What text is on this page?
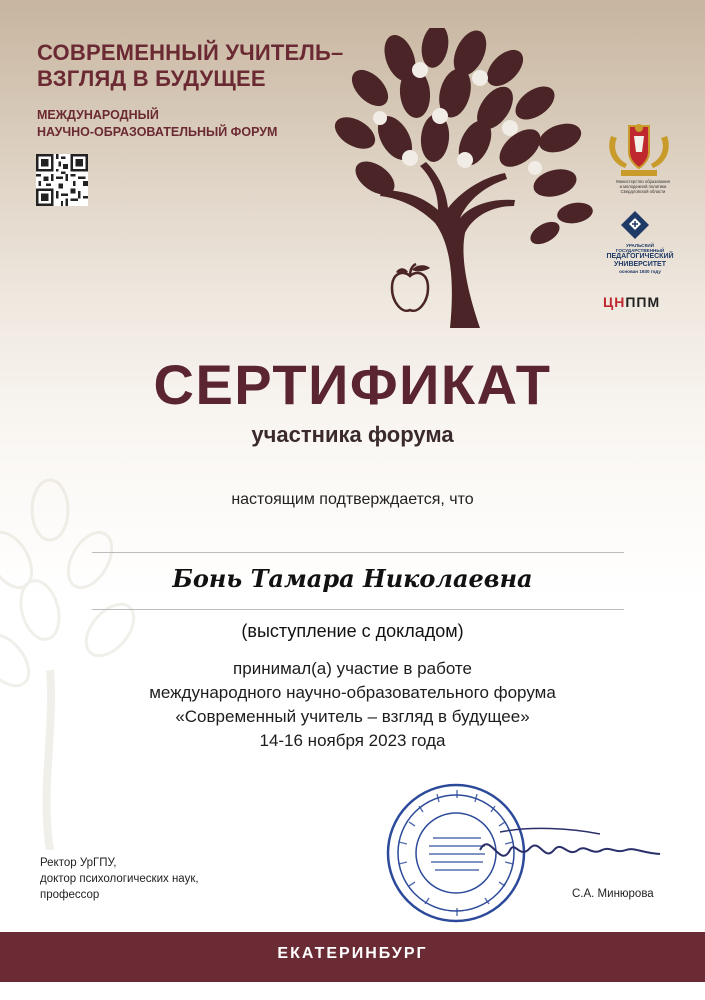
СОВРЕМЕННЫЙ УЧИТЕЛЬ–
ВЗГЛЯД В БУДУЩЕЕ
МЕЖДУНАРОДНЫЙ
НАУЧНО-ОБРАЗОВАТЕЛЬНЫЙ ФОРУМ
Министерство образования
и молодежной политики
Свердловской области
УРАЛЬСКИЙ ГОСУДАРСТВЕННЫЙ
ПЕДАГОГИЧЕСКИЙ
УНИВЕРСИТЕТ
основан 1930 году
ЦНППМ
СЕРТИФИКАТ
участника форума
настоящим подтверждается, что
Бонь Тамара Николаевна
(выступление с докладом)
принимал(а) участие в работе
международного научно-образовательного форума
«Современный учитель – взгляд в будущее»
14-16 ноября 2023 года
Ректор УрГПУ,
доктор психологических наук,
профессор	С.А. Минюрова
ЕКАТЕРИНБУРГ
